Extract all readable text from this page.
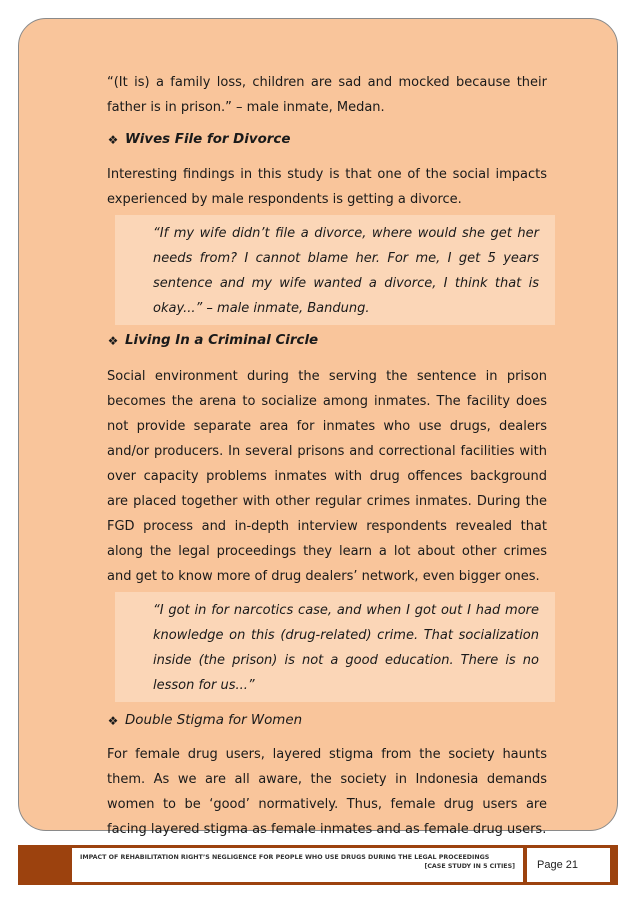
“(It is) a family loss, children are sad and mocked because their father is in prison.” – male inmate, Medan.

❖ Wives File for Divorce

Interesting findings in this study is that one of the social impacts experienced by male respondents is getting a divorce.

“If my wife didn’t file a divorce, where would she get her needs from? I cannot blame her. For me, I get 5 years sentence and my wife wanted a divorce, I think that is okay...” – male inmate, Bandung.

❖ Living In a Criminal Circle

Social environment during the serving the sentence in prison becomes the arena to socialize among inmates. The facility does not provide separate area for inmates who use drugs, dealers and/or producers. In several prisons and correctional facilities with over capacity problems inmates with drug offences background are placed together with other regular crimes inmates. During the FGD process and in-depth interview respondents revealed that along the legal proceedings they learn a lot about other crimes and get to know more of drug dealers’ network, even bigger ones.

“I got in for narcotics case, and when I got out I had more knowledge on this (drug-related) crime. That socialization inside (the prison) is not a good education. There is no lesson for us...”

❖ Double Stigma for Women

For female drug users, layered stigma from the society haunts them. As we are all aware, the society in Indonesia demands women to be ‘good’ normatively. Thus, female drug users are facing layered stigma as female inmates and as female drug users.

IMPACT OF REHABILITATION RIGHT’S NEGLIGENCE FOR PEOPLE WHO USE DRUGS DURING THE LEGAL PROCEEDINGS
[CASE STUDY IN 5 CITIES]	Page 21
